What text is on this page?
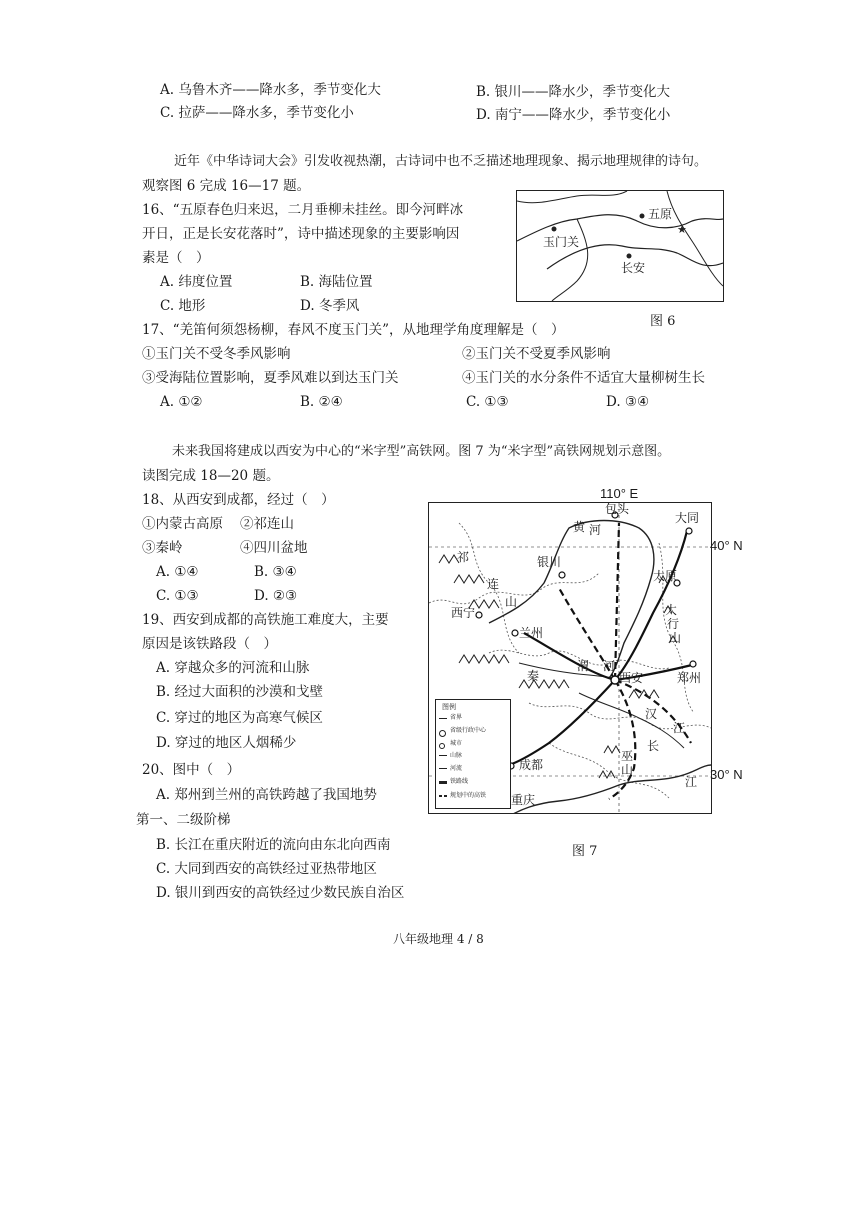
A. 乌鲁木齐——降水多，季节变化大	B. 银川——降水少，季节变化大
C. 拉萨——降水多，季节变化小	D. 南宁——降水少，季节变化小
近年《中华诗词大会》引发收视热潮，古诗词中也不乏描述地理现象、揭示地理规律的诗句。
观察图 6 完成 16—17 题。
16、“五原春色归来迟，二月垂柳未挂丝。即今河畔冰
开日，正是长安花落时”，诗中描述现象的主要影响因
素是（　）
A. 纬度位置	B. 海陆位置
C. 地形	D. 冬季风
★
五原
玉门关
长安
图 6
17、“羌笛何须怨杨柳，春风不度玉门关”，从地理学角度理解是（　）
①玉门关不受冬季风影响	②玉门关不受夏季风影响
③受海陆位置影响，夏季风难以到达玉门关	④玉门关的水分条件不适宜大量柳树生长
A. ①②	B. ②④	C. ①③	D. ③④
未来我国将建成以西安为中心的“米字型”高铁网。图 7 为“米字型”高铁网规划示意图。
读图完成 18—20 题。
18、从西安到成都，经过（　）
①内蒙古高原 ②祁连山
③秦岭	④四川盆地
A. ①④	B. ③④
C. ①③	D. ②③
19、西安到成都的高铁施工难度大，主要
原因是该铁路段（　）
A. 穿越众多的河流和山脉
B. 经过大面积的沙漠和戈壁
C. 穿过的地区为高寒气候区
D. 穿过的地区人烟稀少
20、图中（　）
A. 郑州到兰州的高铁跨越了我国地势
第一、二级阶梯
B. 长江在重庆附近的流向由东北向西南
C. 大同到西安的高铁经过亚热带地区
D. 银川到西安的高铁经过少数民族自治区
包头
大同
银川
太原
西宁
兰州
西安	郑州
成都
重庆
黄 河
祁
连
山
太
行
山
渭 河
秦
汉
江
巫
山
长
江
图例
省界
省级行政中心
城市
山脉
河流
铁路线
规划中的高铁
110° E
40° N
30° N
图 7
八年级地理 4 / 8
